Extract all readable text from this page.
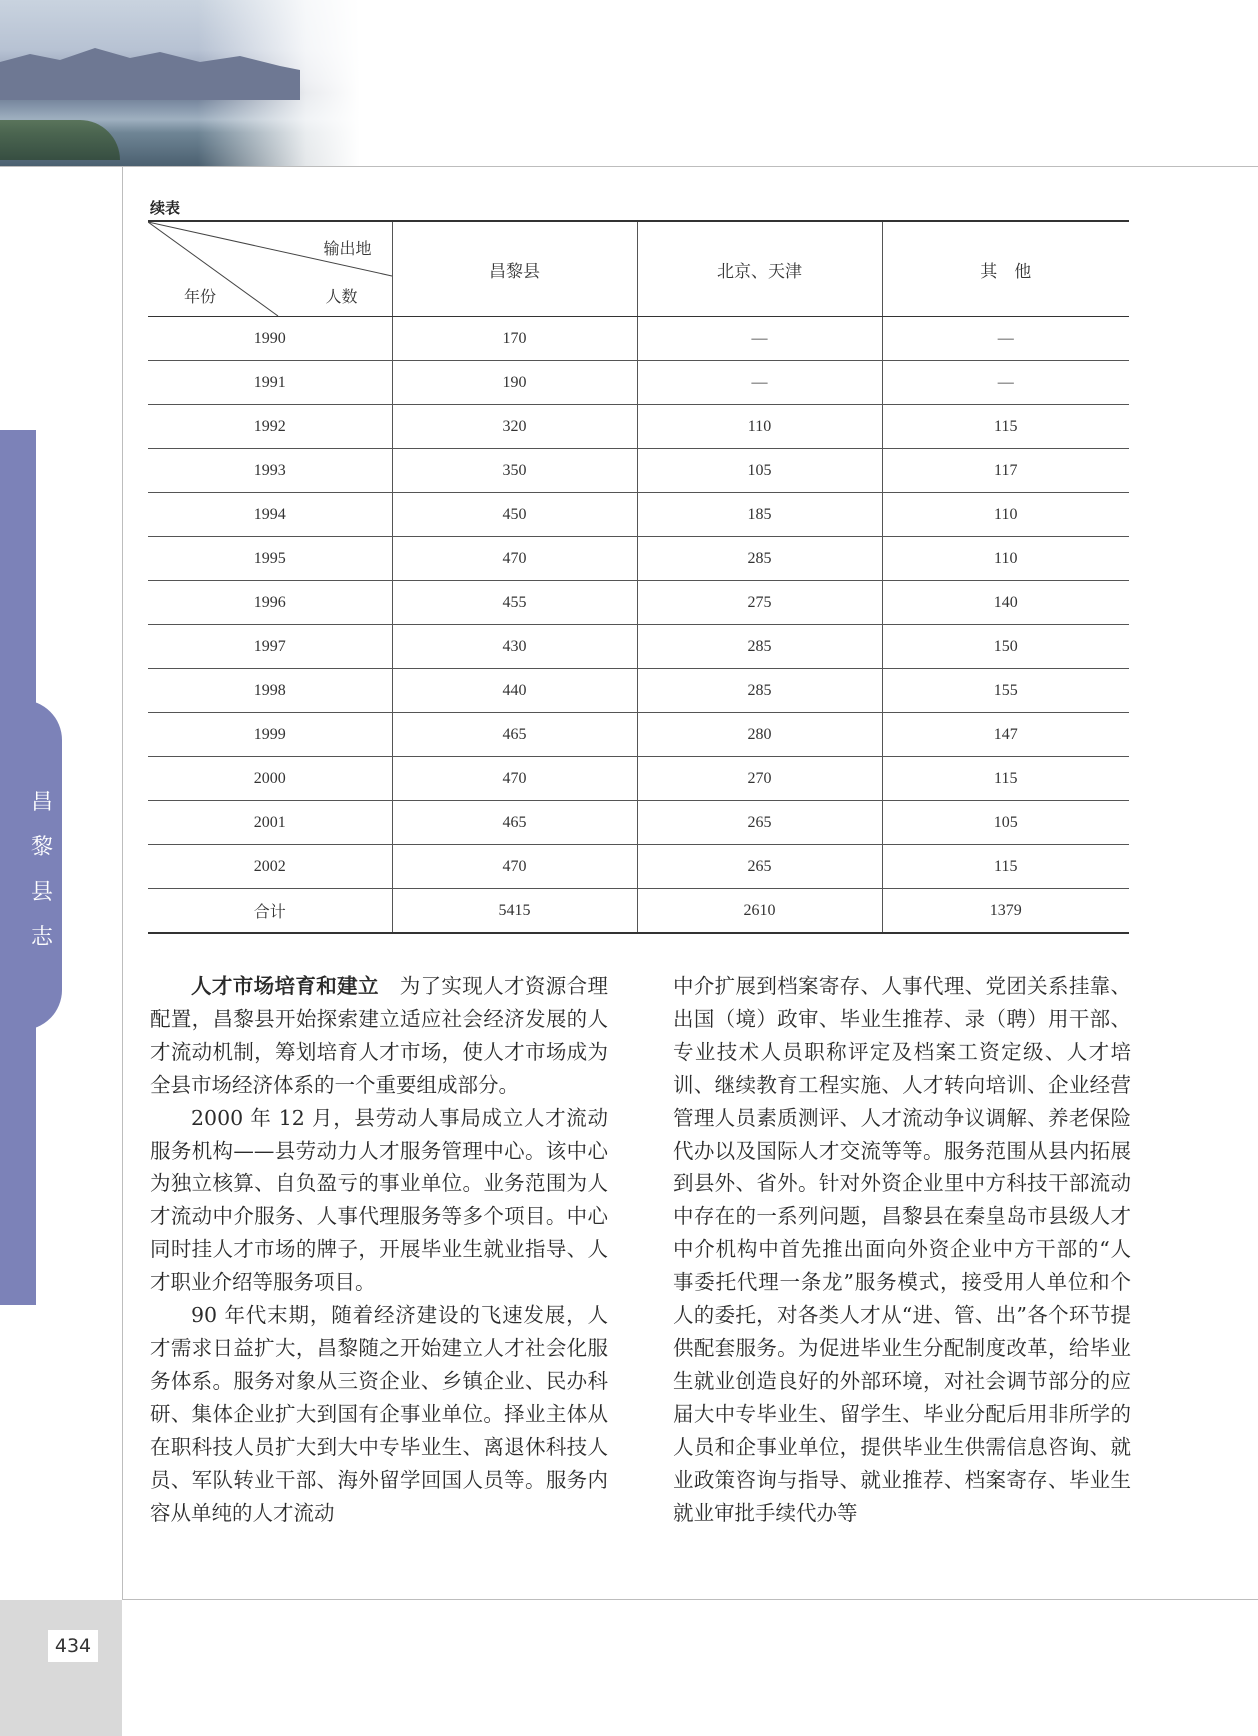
昌
黎
县
志
434
续表
输出地
人数
年份	昌黎县	北京、天津	其　他
1990	170	—	—
1991	190	—	—
1992	320	110	115
1993	350	105	117
1994	450	185	110
1995	470	285	110
1996	455	275	140
1997	430	285	150
1998	440	285	155
1999	465	280	147
2000	470	270	115
2001	465	265	105
2002	470	265	115
合计	5415	2610	1379

人才市场培育和建立　为了实现人才资源合理配置，昌黎县开始探索建立适应社会经济发展的人才流动机制，筹划培育人才市场，使人才市场成为全县市场经济体系的一个重要组成部分。

2000 年 12 月，县劳动人事局成立人才流动服务机构——县劳动力人才服务管理中心。该中心为独立核算、自负盈亏的事业单位。业务范围为人才流动中介服务、人事代理服务等多个项目。中心同时挂人才市场的牌子，开展毕业生就业指导、人才职业介绍等服务项目。

90 年代末期，随着经济建设的飞速发展，人才需求日益扩大，昌黎随之开始建立人才社会化服务体系。服务对象从三资企业、乡镇企业、民办科研、集体企业扩大到国有企事业单位。择业主体从在职科技人员扩大到大中专毕业生、离退休科技人员、军队转业干部、海外留学回国人员等。服务内容从单纯的人才流动

中介扩展到档案寄存、人事代理、党团关系挂靠、出国（境）政审、毕业生推荐、录（聘）用干部、专业技术人员职称评定及档案工资定级、人才培训、继续教育工程实施、人才转向培训、企业经营管理人员素质测评、人才流动争议调解、养老保险代办以及国际人才交流等等。服务范围从县内拓展到县外、省外。针对外资企业里中方科技干部流动中存在的一系列问题，昌黎县在秦皇岛市县级人才中介机构中首先推出面向外资企业中方干部的“人事委托代理一条龙”服务模式，接受用人单位和个人的委托，对各类人才从“进、管、出”各个环节提供配套服务。为促进毕业生分配制度改革，给毕业生就业创造良好的外部环境，对社会调节部分的应届大中专毕业生、留学生、毕业分配后用非所学的人员和企事业单位，提供毕业生供需信息咨询、就业政策咨询与指导、就业推荐、档案寄存、毕业生就业审批手续代办等
